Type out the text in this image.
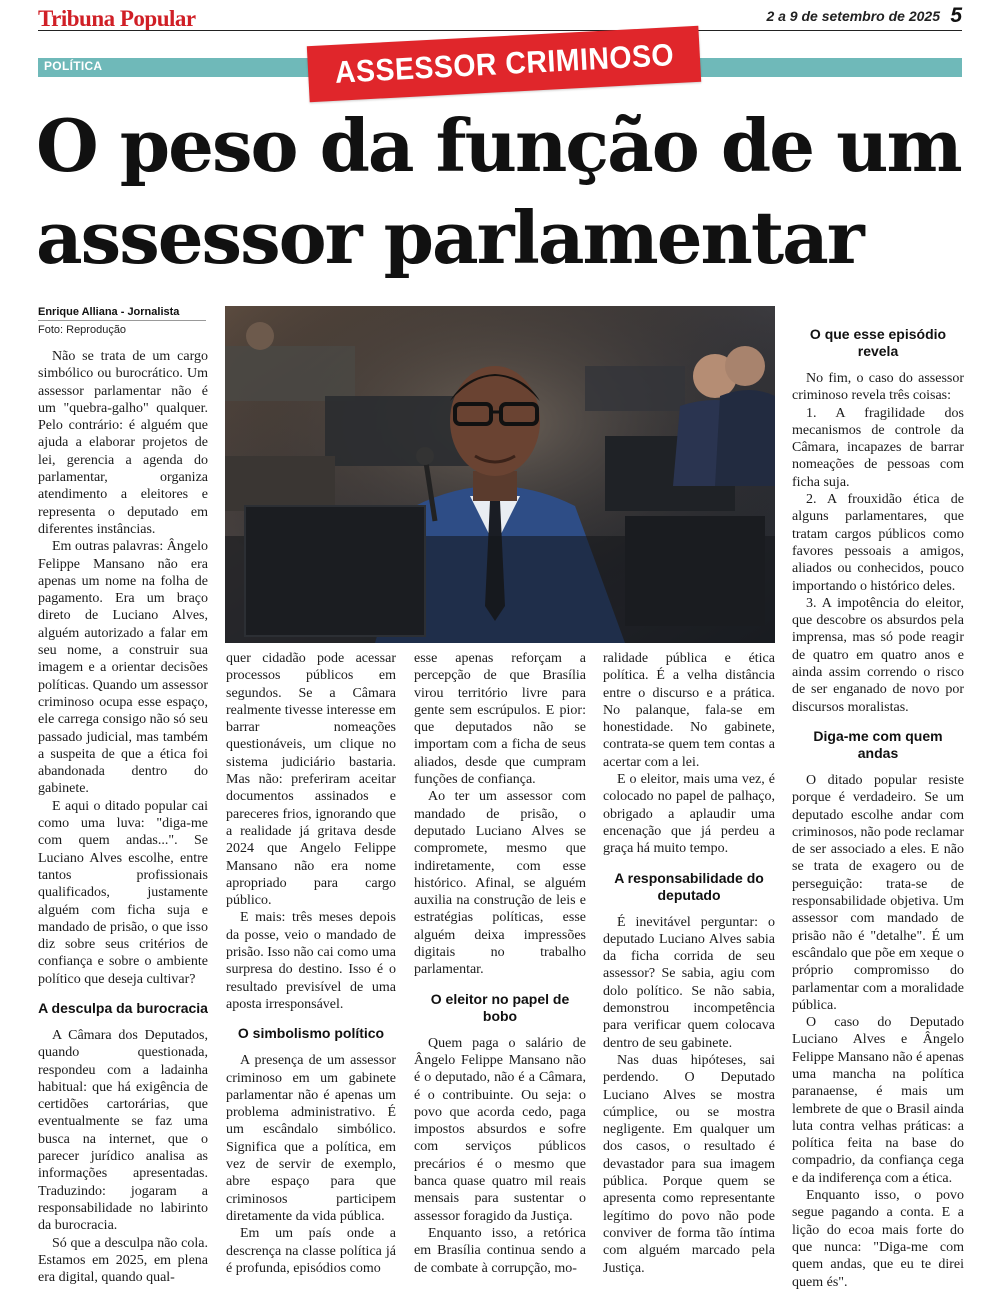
Tribuna Popular	2 a 9 de setembro de 2025 5
POLÍTICA	ASSESSOR CRIMINOSO
O peso da função de um assessor parlamentar
Enrique Alliana - Jornalista
Foto: Reprodução

Não se trata de um cargo simbólico ou burocrático. Um assessor parlamentar não é um "quebra-galho" qualquer. Pelo contrário: é alguém que ajuda a elaborar projetos de lei, gerencia a agenda do parlamentar, organiza atendimento a eleitores e representa o deputado em diferentes instâncias.

Em outras palavras: Ângelo Felippe Mansano não era apenas um nome na folha de pagamento. Era um braço direto de Luciano Alves, alguém autorizado a falar em seu nome, a construir sua imagem e a orientar decisões políticas. Quando um assessor criminoso ocupa esse espaço, ele carrega consigo não só seu passado judicial, mas também a suspeita de que a ética foi abandonada dentro do gabinete.

E aqui o ditado popular cai como uma luva: "diga-me com quem andas...". Se Luciano Alves escolhe, entre tantos profissionais qualificados, justamente alguém com ficha suja e mandado de prisão, o que isso diz sobre seus critérios de confiança e sobre o ambiente político que deseja cultivar?

A desculpa da burocracia

A Câmara dos Deputados, quando questionada, respondeu com a ladainha habitual: que há exigência de certidões cartorárias, que eventualmente se faz uma busca na internet, que o parecer jurídico analisa as informações apresentadas. Traduzindo: jogaram a responsabilidade no labirinto da burocracia.

Só que a desculpa não cola. Estamos em 2025, em plena era digital, quando qual-

quer cidadão pode acessar processos públicos em segundos. Se a Câmara realmente tivesse interesse em barrar nomeações questionáveis, um clique no sistema judiciário bastaria. Mas não: preferiram aceitar documentos assinados e pareceres frios, ignorando que a realidade já gritava desde 2024 que Angelo Felippe Mansano não era nome apropriado para cargo público.

E mais: três meses depois da posse, veio o mandado de prisão. Isso não cai como uma surpresa do destino. Isso é o resultado previsível de uma aposta irresponsável.

O simbolismo político

A presença de um assessor criminoso em um gabinete parlamentar não é apenas um problema administrativo. É um escândalo simbólico. Significa que a política, em vez de servir de exemplo, abre espaço para que criminosos participem diretamente da vida pública.

Em um país onde a descrença na classe política já é profunda, episódios como

esse apenas reforçam a percepção de que Brasília virou território livre para gente sem escrúpulos. E pior: que deputados não se importam com a ficha de seus aliados, desde que cumpram funções de confiança.

Ao ter um assessor com mandado de prisão, o deputado Luciano Alves se compromete, mesmo que indiretamente, com esse histórico. Afinal, se alguém auxilia na construção de leis e estratégias políticas, esse alguém deixa impressões digitais no trabalho parlamentar.

O eleitor no papel de bobo

Quem paga o salário de Ângelo Felippe Mansano não é o deputado, não é a Câmara, é o contribuinte. Ou seja: o povo que acorda cedo, paga impostos absurdos e sofre com serviços públicos precários é o mesmo que banca quase quatro mil reais mensais para sustentar o assessor foragido da Justiça.

Enquanto isso, a retórica em Brasília continua sendo a de combate à corrupção, mo-

ralidade pública e ética política. É a velha distância entre o discurso e a prática. No palanque, fala-se em honestidade. No gabinete, contrata-se quem tem contas a acertar com a lei.

E o eleitor, mais uma vez, é colocado no papel de palhaço, obrigado a aplaudir uma encenação que já perdeu a graça há muito tempo.

A responsabilidade do deputado

É inevitável perguntar: o deputado Luciano Alves sabia da ficha corrida de seu assessor? Se sabia, agiu com dolo político. Se não sabia, demonstrou incompetência para verificar quem colocava dentro de seu gabinete.

Nas duas hipóteses, sai perdendo. O Deputado Luciano Alves se mostra cúmplice, ou se mostra negligente. Em qualquer um dos casos, o resultado é devastador para sua imagem pública. Porque quem se apresenta como representante legítimo do povo não pode conviver de forma tão íntima com alguém marcado pela Justiça.

O que esse episódio revela

No fim, o caso do assessor criminoso revela três coisas:

1. A fragilidade dos mecanismos de controle da Câmara, incapazes de barrar nomeações de pessoas com ficha suja.

2. A frouxidão ética de alguns parlamentares, que tratam cargos públicos como favores pessoais a amigos, aliados ou conhecidos, pouco importando o histórico deles.

3. A impotência do eleitor, que descobre os absurdos pela imprensa, mas só pode reagir de quatro em quatro anos e ainda assim correndo o risco de ser enganado de novo por discursos moralistas.

Diga-me com quem andas

O ditado popular resiste porque é verdadeiro. Se um deputado escolhe andar com criminosos, não pode reclamar de ser associado a eles. E não se trata de exagero ou de perseguição: trata-se de responsabilidade objetiva. Um assessor com mandado de prisão não é "detalhe". É um escândalo que põe em xeque o próprio compromisso do parlamentar com a moralidade pública.

O caso do Deputado Luciano Alves e Ângelo Felippe Mansano não é apenas uma mancha na política paranaense, é mais um lembrete de que o Brasil ainda luta contra velhas práticas: a política feita na base do compadrio, da confiança cega e da indiferença com a ética.

Enquanto isso, o povo segue pagando a conta. E a lição do ecoa mais forte do que nunca: "Diga-me com quem andas, que eu te direi quem és".
